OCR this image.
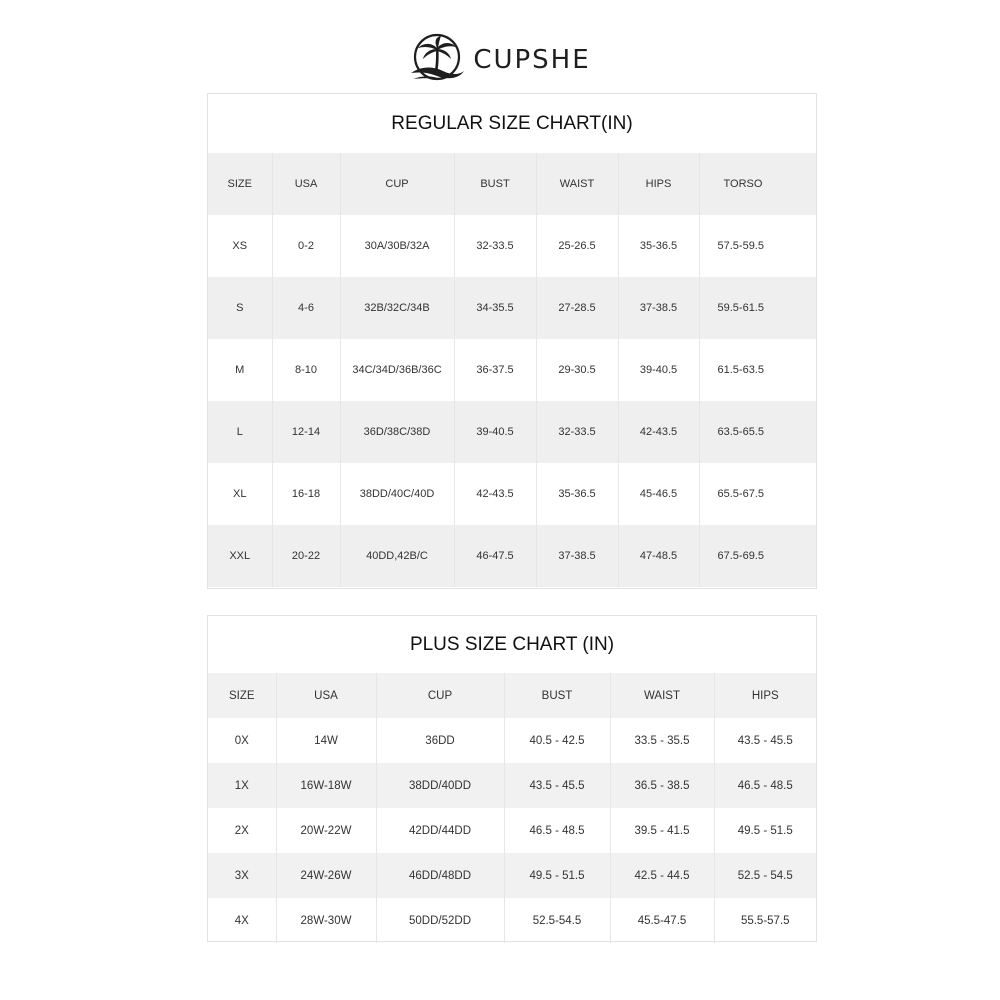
CUPSHE
REGULAR SIZE CHART(IN)
SIZE	USA	CUP	BUST	WAIST	HIPS	TORSO
XS	0-2	30A/30B/32A	32-33.5	25-26.5	35-36.5	57.5-59.5
S	4-6	32B/32C/34B	34-35.5	27-28.5	37-38.5	59.5-61.5
M	8-10	34C/34D/36B/36C	36-37.5	29-30.5	39-40.5	61.5-63.5
L	12-14	36D/38C/38D	39-40.5	32-33.5	42-43.5	63.5-65.5
XL	16-18	38DD/40C/40D	42-43.5	35-36.5	45-46.5	65.5-67.5
XXL	20-22	40DD,42B/C	46-47.5	37-38.5	47-48.5	67.5-69.5
PLUS SIZE CHART (IN)
SIZE	USA	CUP	BUST	WAIST	HIPS
0X	14W	36DD	40.5 - 42.5	33.5 - 35.5	43.5 - 45.5
1X	16W-18W	38DD/40DD	43.5 - 45.5	36.5 - 38.5	46.5 - 48.5
2X	20W-22W	42DD/44DD	46.5 - 48.5	39.5 - 41.5	49.5 - 51.5
3X	24W-26W	46DD/48DD	49.5 - 51.5	42.5 - 44.5	52.5 - 54.5
4X	28W-30W	50DD/52DD	52.5-54.5	45.5-47.5	55.5-57.5
